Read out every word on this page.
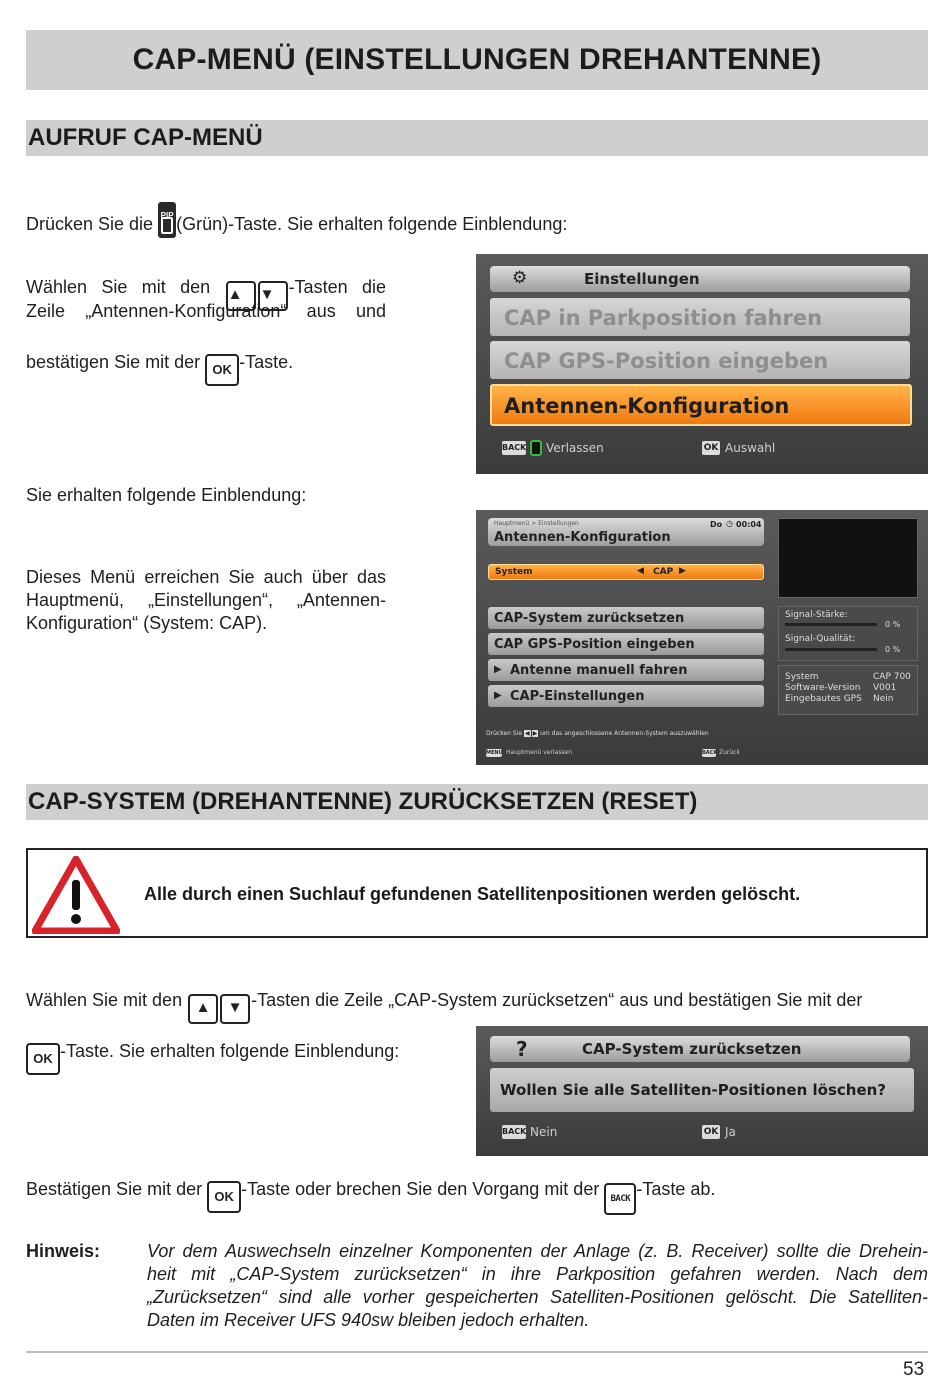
CAP-MENÜ (EINSTELLUNGEN DREHANTENNE)
AUFRUF CAP-MENÜ
Drücken Sie die PIP (Grün)-Taste. Sie erhalten folgende Einblendung:
Wählen Sie mit den ▲ ▼ -Tasten die
Zeile „Antennen-Konfiguration“ aus und
bestätigen Sie mit der OK -Taste.
Sie erhalten folgende Einblendung:
Dieses Menü erreichen Sie auch über das
Hauptmenü, „Einstellungen“, „Antennen-
Konfiguration“ (System: CAP).
⚙	Einstellungen
CAP in Parkposition fahren
CAP GPS-Position eingeben
Antennen-Konfiguration
BACK Verlassen	OK Auswahl
Hauptmenü > Einstellungen	Do ◷ 00:04
Antennen-Konfiguration
System	◀ CAP ▶
CAP-System zurücksetzen
CAP GPS-Position eingeben
▶ Antenne manuell fahren
▶ CAP-Einstellungen
Signal-Stärke:
0 %
Signal-Qualität:
0 %
System	CAP 700
Software-Version V001
Eingebautes GPS Nein
Drücken Sie ◀ ▶ um das angeschlossene Antennen-System auszuwählen
MENU Hauptmenü verlassen	BACK Zurück
CAP-SYSTEM (DREHANTENNE) ZURÜCKSETZEN (RESET)
Alle durch einen Suchlauf gefundenen Satellitenpositionen werden gelöscht.
Wählen Sie mit den ▲ ▼ -Tasten die Zeile „CAP-System zurücksetzen“ aus und bestätigen Sie mit der
OK -Taste. Sie erhalten folgende Einblendung:	?	CAP-System zurücksetzen
Wollen Sie alle Satelliten-Positionen löschen?
BACK Nein	OK Ja
Bestätigen Sie mit der OK -Taste oder brechen Sie den Vorgang mit der BACK -Taste ab.
Hinweis:	Vor dem Auswechseln einzelner Komponenten der Anlage (z. B. Receiver) sollte die Drehein-
heit mit „CAP-System zurücksetzen“ in ihre Parkposition gefahren werden. Nach dem
„Zurücksetzen“ sind alle vorher gespeicherten Satelliten-Positionen gelöscht. Die Satelliten-
Daten im Receiver UFS 940sw bleiben jedoch erhalten.
53
